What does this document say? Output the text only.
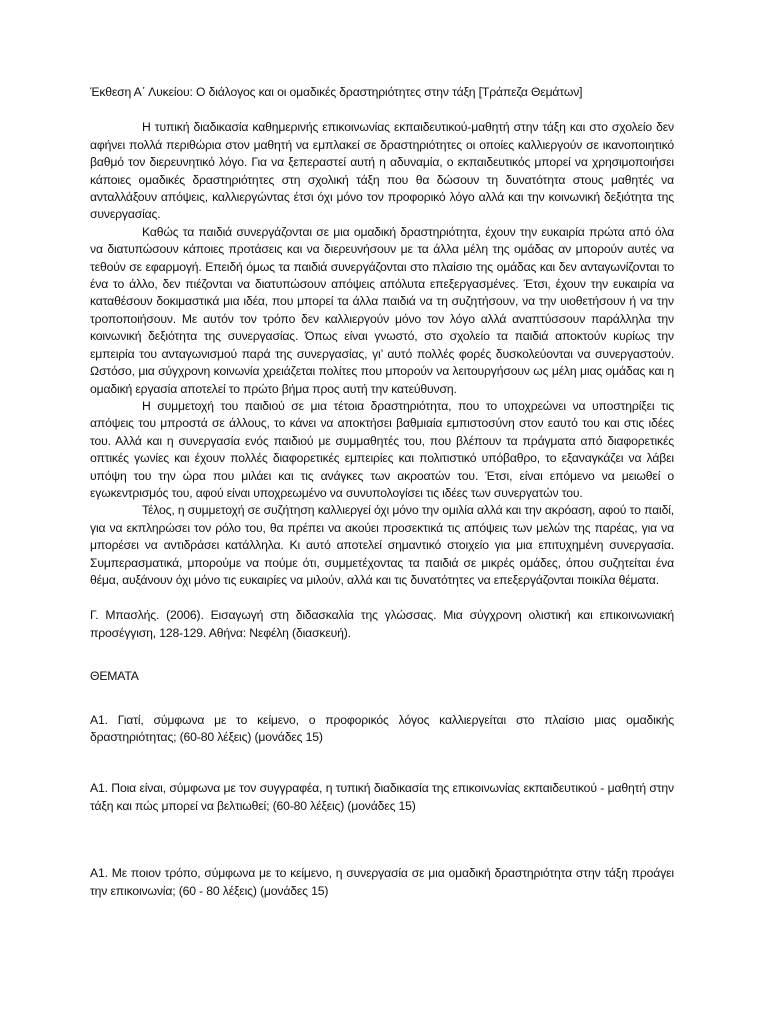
Έκθεση Α΄ Λυκείου: Ο διάλογος και οι ομαδικές δραστηριότητες στην τάξη [Τράπεζα Θεμάτων]

Η τυπική διαδικασία καθημερινής επικοινωνίας εκπαιδευτικού-μαθητή στην τάξη και στο σχολείο δεν αφήνει πολλά περιθώρια στον μαθητή να εμπλακεί σε δραστηριότητες οι οποίες καλλιεργούν σε ικανοποιητικό βαθμό τον διερευνητικό λόγο. Για να ξεπεραστεί αυτή η αδυναμία, ο εκπαιδευτικός μπορεί να χρησιμοποιήσει κάποιες ομαδικές δραστηριότητες στη σχολική τάξη που θα δώσουν τη δυνατότητα στους μαθητές να ανταλλάξουν απόψεις, καλλιεργώντας έτσι όχι μόνο τον προφορικό λόγο αλλά και την κοινωνική δεξιότητα της συνεργασίας.

Καθώς τα παιδιά συνεργάζονται σε μια ομαδική δραστηριότητα, έχουν την ευκαιρία πρώτα από όλα να διατυπώσουν κάποιες προτάσεις και να διερευνήσουν με τα άλλα μέλη της ομάδας αν μπορούν αυτές να τεθούν σε εφαρμογή. Επειδή όμως τα παιδιά συνεργάζονται στο πλαίσιο της ομάδας και δεν ανταγωνίζονται το ένα το άλλο, δεν πιέζονται να διατυπώσουν απόψεις απόλυτα επεξεργασμένες. Έτσι, έχουν την ευκαιρία να καταθέσουν δοκιμαστικά μια ιδέα, που μπορεί τα άλλα παιδιά να τη συζητήσουν, να την υιοθετήσουν ή να την τροποποιήσουν. Με αυτόν τον τρόπο δεν καλλιεργούν μόνο τον λόγο αλλά αναπτύσσουν παράλληλα την κοινωνική δεξιότητα της συνεργασίας. Όπως είναι γνωστό, στο σχολείο τα παιδιά αποκτούν κυρίως την εμπειρία του ανταγωνισμού παρά της συνεργασίας, γι’ αυτό πολλές φορές δυσκολεύονται να συνεργαστούν. Ωστόσο, μια σύγχρονη κοινωνία χρειάζεται πολίτες που μπορούν να λειτουργήσουν ως μέλη μιας ομάδας και η ομαδική εργασία αποτελεί το πρώτο βήμα προς αυτή την κατεύθυνση.

Η συμμετοχή του παιδιού σε μια τέτοια δραστηριότητα, που το υποχρεώνει να υποστηρίξει τις απόψεις του μπροστά σε άλλους, το κάνει να αποκτήσει βαθμιαία εμπιστοσύνη στον εαυτό του και στις ιδέες του. Αλλά και η συνεργασία ενός παιδιού με συμμαθητές του, που βλέπουν τα πράγματα από διαφορετικές οπτικές γωνίες και έχουν πολλές διαφορετικές εμπειρίες και πολιτιστικό υπόβαθρο, το εξαναγκάζει να λάβει υπόψη του την ώρα που μιλάει και τις ανάγκες των ακροατών του. Έτσι, είναι επόμενο να μειωθεί ο εγωκεντρισμός του, αφού είναι υποχρεωμένο να συνυπολογίσει τις ιδέες των συνεργατών του.

Τέλος, η συμμετοχή σε συζήτηση καλλιεργεί όχι μόνο την ομιλία αλλά και την ακρόαση, αφού το παιδί, για να εκπληρώσει τον ρόλο του, θα πρέπει να ακούει προσεκτικά τις απόψεις των μελών της παρέας, για να μπορέσει να αντιδράσει κατάλληλα. Κι αυτό αποτελεί σημαντικό στοιχείο για μια επιτυχημένη συνεργασία. Συμπερασματικά, μπορούμε να πούμε ότι, συμμετέχοντας τα παιδιά σε μικρές ομάδες, όπου συζητείται ένα θέμα, αυξάνουν όχι μόνο τις ευκαιρίες να μιλούν, αλλά και τις δυνατότητες να επεξεργάζονται ποικίλα θέματα.

Γ. Μπασλής. (2006). Εισαγωγή στη διδασκαλία της γλώσσας. Μια σύγχρονη ολιστική και επικοινωνιακή προσέγγιση, 128-129. Αθήνα: Νεφέλη (διασκευή).

ΘΕΜΑΤΑ

Α1. Γιατί, σύμφωνα με το κείμενο, ο προφορικός λόγος καλλιεργείται στο πλαίσιο μιας ομαδικής δραστηριότητας; (60-80 λέξεις) (μονάδες 15)

Α1. Ποια είναι, σύμφωνα με τον συγγραφέα, η τυπική διαδικασία της επικοινωνίας εκπαιδευτικού - μαθητή στην τάξη και πώς μπορεί να βελτιωθεί; (60-80 λέξεις) (μονάδες 15)

Α1. Με ποιον τρόπο, σύμφωνα με το κείμενο, η συνεργασία σε μια ομαδική δραστηριότητα στην τάξη προάγει την επικοινωνία; (60 - 80 λέξεις) (μονάδες 15)
